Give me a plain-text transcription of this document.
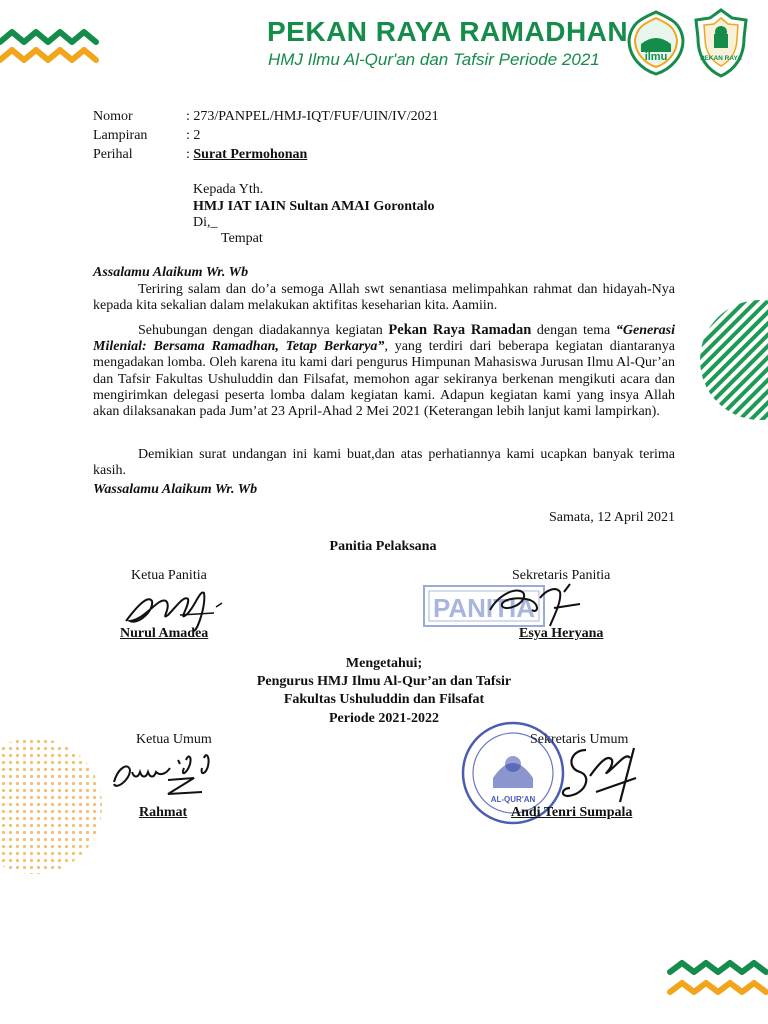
PEKAN RAYA RAMADHAN
HMJ Ilmu Al-Qur'an dan Tafsir Periode 2021	ilmu	PEKAN RAYA
Nomor	: 273/PANPEL/HMJ-IQT/FUF/UIN/IV/2021
Lampiran	: 2
Perihal	: Surat Permohonan
Kepada Yth.
HMJ IAT IAIN Sultan AMAI Gorontalo
Di,_
Tempat
Assalamu Alaikum Wr. Wb
Teriring salam dan do’a semoga Allah swt senantiasa melimpahkan rahmat dan hidayah-Nya kepada kita sekalian dalam melakukan aktifitas keseharian kita. Aamiin.
Sehubungan dengan diadakannya kegiatan Pekan Raya Ramadan dengan tema “Generasi Milenial: Bersama Ramadhan, Tetap Berkarya”, yang terdiri dari beberapa kegiatan diantaranya mengadakan lomba. Oleh karena itu kami dari pengurus Himpunan Mahasiswa Jurusan Ilmu Al-Qur’an dan Tafsir Fakultas Ushuluddin dan Filsafat, memohon agar sekiranya berkenan mengikuti acara dan mengirimkan delegasi peserta lomba dalam kegiatan kami. Adapun kegiatan kami yang insya Allah akan dilaksanakan pada Jum’at 23 April-Ahad 2 Mei 2021 (Keterangan lebih lanjut kami lampirkan).
Demikian surat undangan ini kami buat,dan atas perhatiannya kami ucapkan banyak terima kasih.
Wassalamu Alaikum Wr. Wb
Samata, 12 April 2021
Panitia Pelaksana
Ketua Panitia	Sekretaris Panitia
PANITIA
Nurul Amadea	Esya Heryana
Mengetahui;
Pengurus HMJ Ilmu Al-Qur’an dan Tafsir
Fakultas Ushuluddin dan Filsafat
Periode 2021-2022
Ketua Umum	Sekretaris Umum
AL-QUR'AN
Rahmat	Andi Tenri Sumpala
